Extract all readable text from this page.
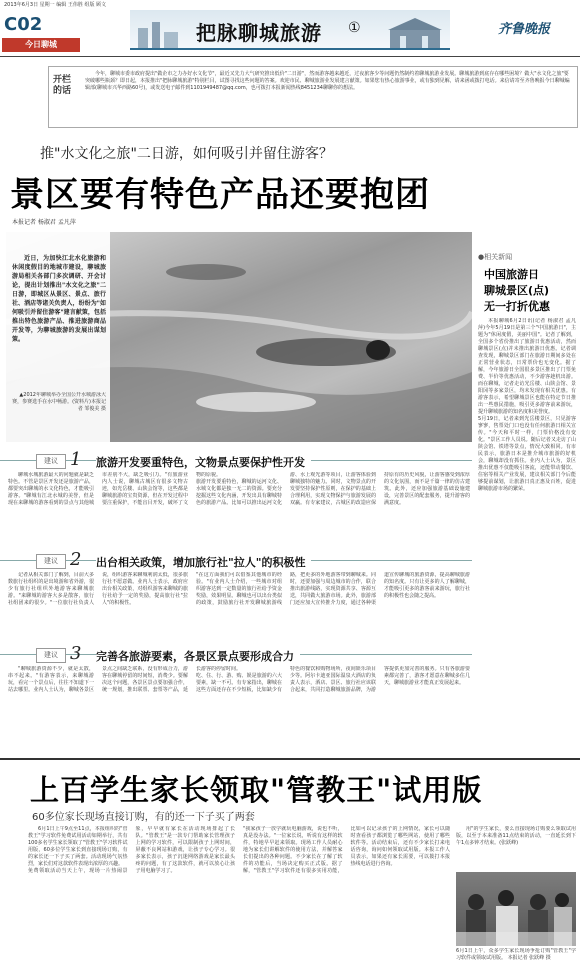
2013年6月3日 星期一 编辑 王伟胜 组版 顾文
C02
今日聊城	把脉聊城旅游 ①	齐鲁晚报
开栏的话
今年，聊城市委市政府提出"做企市之力办好水文化节"，最近又先力大气研究推出低价"二日游"，然而游客越来越近，过夜旅客少等问题仍然制约着聊城旅游业发展。聊城旅游到底存在哪些困境？做大"水文化之旅"要突破哪些瓶颈？即日起，本报推出"把脉聊城旅游"特别栏目，试图寻找这些问题的答案。欢迎市民、聊城旅游业发展建言献策。如果您有热心旅游事业，或有独到见解，请来函或拨打电话。来信请寄至齐鲁晚报今日聊城编辑部(聊城市兴华西路60号)，或发送电子邮件到1101949487@qq.com，也可拨打本报新闻热线8451234聊聊你的想法。
推"水文化之旅"二日游，如何吸引并留住游客？
景区要有特色产品还要抱团
本报记者 杨淑君 孟凡萍
近日，为加快江北水化旅游和休闲度假目的地城市建设，聊城旅游局相关各部门多次调研、开会讨论，提出计划推出"水文化之旅"二日游，即城区从景区、景点、旅行社、酒店等诸关负责人，纷纷为"如何吸引并留住游客"建言献策，包括推出特色旅游产品、推进旅游商品开发等，为聊城旅游的发展出谋划策。
▲2012年聊城举办全国公开水城游泳大赛，参赛选手在水中畅游。(资料片)本报记者 邹俊美 摄
●相关新闻
中国旅游日
聊城景区(点)
无一打折优惠
本报聊城6月2日讯(记者 杨淑君 孟凡萍)今年5月19日是第三个"中国旅游日"，主题为"休闲度假，美丽中国"。记者了解到，全国多个省份推出了旅游日优惠活动，然而聊城景区(点)并未推出旅游日优惠。记者调查发现，聊城景区部门在旅游日期间多处在正常营业状态，日常票价也无变化。据了解，今年旅游日全国很多景区推出了门票免费、半价等优惠活动，不少游客趁机出游。而在聊城，记者走访光岳楼、山陕会馆、景阳冈等多家景区，均未发现有相关优惠。有游客表示，希望聊城景区也能在特定节日推出一些惠民措施，吸引更多游客前来游玩，提升聊城旅游的知名度和美誉度。
5月19日，记者来到光岳楼景区，只见游客寥寥，售票处门口也没有任何旅游日相关宣传。"今天和平时一样，门票价格没有变化。"景区工作人员说。随后记者又走访了山陕会馆、铁塔等景点，情况大致相同。有市民表示，旅游日本是推介城市旅游的好机会，聊城却没有抓住。业内人士认为，景区推出优惠不仅能吸引客流，还能带动餐饮、住宿等相关产业发展，建议相关部门今后能够提前谋划，让旅游日真正惠及百姓，促进聊城旅游市场的繁荣。
建议 1 旅游开发要重特色，文物景点要保护性开发
聊城水城旅游最大的问题就是缺乏特色。不管是景区开发还是旅游产品，都要突出聊城的水文化特色，才能吸引游客。"聊城有江北水城的美誉，但是现在来聊城的游客看到的景点与其他城市差别不大，缺乏吸引力。"有旅游业内人士说，聊城古城区有很多文物古迹，如光岳楼、山陕会馆等，这些都是聊城旅游的宝贵资源，但在开发过程中要注重保护，不能盲目开发，破坏了文物的原貌。
旅游开发要重特色，聊城的运河文化、水城文化都是独一无二的资源。要充分挖掘这些文化内涵，开发出具有聊城特色的旅游产品。比如可以推出运河文化游、水上观光游等项目，让游客体验到聊城独特的魅力。同时，文物景点的开发要坚持保护性原则，在保护的基础上合理利用，实现文物保护与旅游发展的双赢。有专家建议，古城区的改造应保持原有的历史风貌，让游客感受到浓厚的文化氛围，而不是千篇一律的仿古建筑。此外，还应加强旅游基础设施建设，完善景区的配套服务，提升游客的满意度。
建议 2 出台相关政策，增加旅行社"拉人"的积极性
记者从相关部门了解到，目前大多数旅行社组织的是出境游和省外游，很少有旅行社组织外地游客来聊城旅游。"来聊城的游客大多是散客，旅行社组团来的很少。"一位旅行社负责人说，组织游客来聊城利润太低，很多旅行社不愿意做。业内人士表示，政府应出台相关政策，对组织游客来聊城的旅行社给予一定的奖励，提高旅行社"拉人"的积极性。
"在这方面我们可以借鉴其他城市的经验。"有业内人士介绍，一些城市对组织游客达到一定数量的旅行社给予资金奖励，效果明显。聊城也可以出台类似的政策，鼓励旅行社开发聊城旅游线路，把更多的外地游客带到聊城来。同时，还要加强与周边城市的合作，联合推出旅游线路，实现资源共享、客源互送，共同做大旅游市场。此外，旅游部门还应加大宣传推介力度，通过各种渠道宣传聊城的旅游资源，提高聊城旅游的知名度。只有让更多的人了解聊城，才能吸引更多的游客前来游玩，旅行社的积极性也会随之提高。
建议 3 完善各旅游要素，各景区景点要形成合力
"聊城旅游资源不少，就是太散，串不起来。"有游客表示，来聊城游玩，看完一个景点后，往往不知道下一站去哪里。业内人士认为，聊城各景区景点之间缺乏联系，没有形成合力，游客在聊城停留的时间短，消费少。要解决这个问题，各景区景点要加强合作，统一规划，推出联票、套票等产品，延长游客的停留时间。
吃、住、行、游、购、娱是旅游的六大要素，缺一不可。有专家指出，聊城在这些方面还存在不少短板，比如缺少有特色的餐饮和购物场所，夜间娱乐项目少等。阿尔卡迪亚国际温泉大酒店的负责人表示，酒店、景区、旅行社应该联合起来，共同打造聊城旅游品牌，为游客提供更加完善的服务。只有各旅游要素都完善了，游客才愿意在聊城多住几天，聊城旅游业才能真正发展起来。
上百学生家长领取"管教王"试用版
60多位家长现场直接订购，有的还一下子买了两套
6月1日上午9点至11点，本报组织的"管教王"学习软件免费试用活动如期举行，共有100多名学生家长领取了"管教王"学习软件试用版，60多位学生家长到直接现场订购，有的家长还一下子买了两套。活动现场气氛热烈，家长们对这款软件表现出浓厚的兴趣。
免费领取活动当天上午，现场一片热闹景象，早早就有家长在活动现场排起了长队。"管教王"是一款专门帮助家长管理孩子上网的学习软件，可以限制孩子上网时间，屏蔽不良网站和游戏，让孩子专心学习。很多家长表示，孩子沉迷网络游戏是家长最头疼的问题，有了这款软件，就可以放心让孩子用电脑学习了。
"我家孩子一放学就玩电脑游戏，说也不听，真是没办法。"一位家长说，听说有这样的软件，特地早早赶来领取。现场工作人员耐心地为家长们讲解软件的使用方法，并解答家长们提出的各种问题。不少家长在了解了软件的功能后，当场决定购买正式版。据了解，"管教王"学习软件还有很多实用功能，比如可以记录孩子的上网情况，家长可以随时查看孩子都浏览了哪些网站，使用了哪些软件等。活动结束后，还有不少家长打来电话咨询，询问如何领取试用版。本报工作人员表示，如果还有家长需要，可以拨打本报热线电话进行咨询。
用"的学生家长，要么直接现场订购要么领取试用版，以至于本来准备11点结束的活动，一直延长到下午1点多钟才结束。(张跃峰)
6月1日上午，众多学生家长现场争抢订购"管教王"学习软件或领取试用版。 本报记者 张跃峰 摄
